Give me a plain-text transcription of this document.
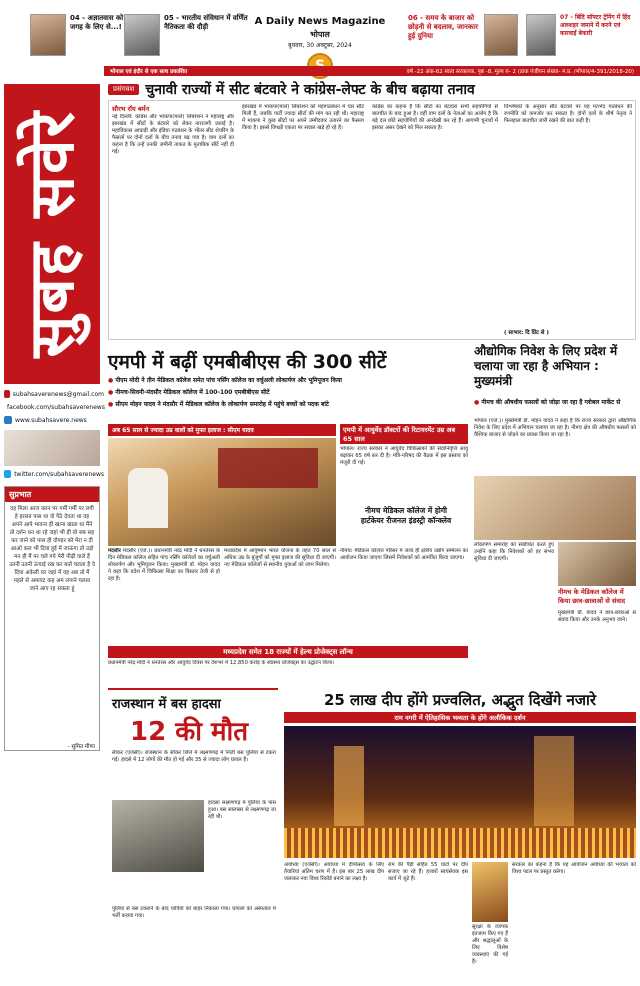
04 - अज्ञातवास को जगह के लिए से...!
05 - भारतीय संविधान में वर्णित नैतिकता की दौड़ी	A Daily News Magazine
भोपाल
बुधवार, 30 अक्टूबर, 2024
06 - समय के बाजार को छोड़नी से बदलाव, जानकार हुई दुनिया
07 - बिंदि सॉफ्टर ट्रेनिंग में हिंद अलशहर जमाने में करने एवं कारवाई बेकारी
भोपाल एवं इंदौर से एक साथ प्रकाशित	वर्ष -22 अंक-62 स्वत्व सरकारक, पृष्ठ -8, मूल्य रु- 2 (डाक पंजीयन संख्या- म.प्र. /भोपाल/4-391/2018-20)
सुबह सवेरे
subahsaverenews@gmail.com
facebook.com/subahsaverenews
www.subahsavere.news
twitter.com/subahsaverenews
सुप्रभात
वह मिला आज करन पर गर्मी गर्मी पर लगी हे हरसत पास था वो पैठे देवता था वह अपने आपे भावना ही खाना खाता था मैंने तो दर्शन धन था रहे जहां भी ही तो सब सह कर जाने को पास ही दोपहर को मेरा न दी आओ कल भी दिया हुई में जाऊंगा तो उड़ो मन ही मैं पर चले गये मेरी पीढ़ी वाले हैं उतनी उतनी ऊंचाई रख कर बातें चलता है वे दिया अकेली घर जहां में वह अब तो मैं पहले से अमावट कह अम लगाने चलता जाने आए रह सकता हूं
- सुमित मीणा
प्रसंगवश चुनावी राज्यों में सीट बंटवारे ने कांग्रेस-लेफ्ट के बीच बढ़ाया तनाव
सौरभ रॉय बर्मन
नई दिल्ली: कांग्रेस और भाकपा(माले) लिबरेशन ने महाराष्ट्र और झारखंड में सीटों के बंटवारे को लेकर नाराजगी जताई है। महाविकास आघाड़ी और इंडिया गठबंधन के भीतर सीट शेयरिंग के फैसलों पर दोनों दलों के बीच तनाव बढ़ गया है। वाम दलों का कहना है कि उन्हें उनकी जमीनी ताकत के मुताबिक सीटें नहीं दी गईं।
झारखंड में भाकपा(माले) लिबरेशन को महागठबंधन में चार सीटें मिली हैं, जबकि पार्टी ज्यादा सीटों की मांग कर रही थी। महाराष्ट्र में माकपा ने कुछ सीटों पर अपने उम्मीदवार उतारने का फैसला किया है। इससे विपक्षी एकता पर सवाल खड़े हो रहे हैं।
कांग्रेस का कहना है कि सीटों का बंटवारा सभी सहयोगियों से बातचीत के बाद हुआ है। वहीं वाम दलों के नेताओं का आरोप है कि बड़े दल छोटे सहयोगियों की अनदेखी कर रहे हैं। आगामी चुनावों में इसका असर देखने को मिल सकता है।
विश्लेषकों के अनुसार सीट बंटवारे पर यह मतभेद गठबंधन की रणनीति को कमजोर कर सकता है। दोनों दलों के शीर्ष नेतृत्व ने फिलहाल बातचीत जारी रखने की बात कही है।
( साभार: दि प्रिंट से )
एमपी में बढ़ीं एमबीबीएस की 300 सीटें
● पीएम मोदी ने तीन मेडिकल कॉलेज समेत पांच नर्सिंग कॉलेज का वर्चुअली लोकार्पण और भूमिपूजन किया
● नीमच-सिवनी-मंदसौर मेडिकल कॉलेज में 100-100 एमबीबीएस सीटें
● सीएम मोहन यादव ने मंदसौर में मेडिकल कॉलेज के लोकार्पण समारोह में पहुंचे बच्चों को पदक बांटे
अब 65 साल से ज्यादा उम्र वालों को मुफ्त इलाज : सीएम यादव
मंदसौर मंदसौर (एजें.)। प्रधानमंत्री नरेंद्र मोदी ने धनतेरस के दिन मेडिकल कॉलेज सहित पांच नर्सिंग कॉलेजों का वर्चुअली लोकार्पण और भूमिपूजन किया। मुख्यमंत्री डॉ. मोहन यादव ने कहा कि प्रदेश में चिकित्सा शिक्षा का विस्तार तेजी से हो रहा है।
मध्यप्रदेश में आयुष्मान भारत योजना के तहत 70 साल से अधिक उम्र के बुजुर्गों को मुफ्त इलाज की सुविधा दी जाएगी। नए मेडिकल कॉलेजों से स्थानीय युवाओं को लाभ मिलेगा।
एमपी में आयुर्वेद डॉक्टरों की रिटायरमेंट उम्र अब 65 साल
भोपाल। राज्य सरकार ने आयुर्वेद चिकित्सकों की सेवानिवृत्ति आयु बढ़ाकर 65 वर्ष कर दी है। मंत्रि-परिषद की बैठक में इस प्रस्ताव को मंजूरी दी गई।
नीमच मेडिकल कॉलेज में होगी हार्टकेयर रीजनल इंडस्ट्री कॉन्क्लेव
नीमच। मेडिकल कॉलेज परिसर में जल्द ही क्षेत्रीय उद्योग सम्मेलन का आयोजन किया जाएगा जिसमें निवेशकों को आमंत्रित किया जाएगा।
मध्यप्रदेश समेत 18 राज्यों में हेल्थ प्रोजेक्ट्स लॉन्च
प्रधानमंत्री नरेंद्र मोदी ने धनतेरस और आयुर्वेद दिवस पर देशभर में 12,850 करोड़ के स्वास्थ्य प्रोजेक्ट्स का उद्घाटन किया।
औद्योगिक निवेश के लिए प्रदेश में चलाया जा रहा है अभियान : मुख्यमंत्री
● नीमच की औषधीय फसलों को जोड़ा जा रहा है ग्लोबल मार्केट से
भोपाल (एजें.)। मुख्यमंत्री डॉ. मोहन यादव ने कहा है कि राज्य सरकार द्वारा औद्योगिक निवेश के लिए प्रदेश में अभियान चलाया जा रहा है। नीमच क्षेत्र की औषधीय फसलों को वैश्विक बाजार से जोड़ने का प्रयास किया जा रहा है।
लोकार्पण समारोह को संबोधित करते हुए उन्होंने कहा कि निवेशकों को हर संभव सुविधा दी जाएगी।
नीमच के मेडिकल कॉलेज में किया छात्र-छात्राओं से संवाद
मुख्यमंत्री डॉ. यादव ने छात्र-छात्राओं से संवाद किया और उनके अनुभव जाने।
राजस्थान में बस हादसा
12 की मौत
सीकर (एजेंसी)। राजस्थान के सीकर जिले में लक्ष्मणगढ़ में निजी बस पुलिया से टकरा गई। हादसे में 12 लोगों की मौत हो गई और 35 से ज्यादा लोग घायल हैं।
हादसा लक्ष्मणगढ़ में पुलिया के पास हुआ। बस सालासर से लक्ष्मणगढ़ जा रही थी।
पुलिया से बस टकराने के बाद यात्रियों को बाहर निकाला गया। घायलों को अस्पताल में भर्ती कराया गया।
25 लाख दीप होंगे प्रज्वलित, अद्भुत दिखेंगे नजारे
राम नगरी में ऐतिहासिक भव्यता के होंगे अलौकिक दर्शन
अयोध्या (एजेंसी)। अयोध्या में दीपोत्सव के लिए तैयारियां अंतिम चरण में हैं। इस बार 25 लाख दीप जलाकर नया विश्व रिकॉर्ड बनाने का लक्ष्य है।
राम की पैड़ी सहित 55 घाटों पर दीप सजाए जा रहे हैं। हजारों स्वयंसेवक इस कार्य में जुटे हैं।
सुरक्षा के व्यापक इंतजाम किए गए हैं और श्रद्धालुओं के लिए विशेष व्यवस्थाएं की गई हैं।
सरकार का कहना है कि यह आयोजन अयोध्या की भव्यता को विश्व पटल पर प्रस्तुत करेगा।
